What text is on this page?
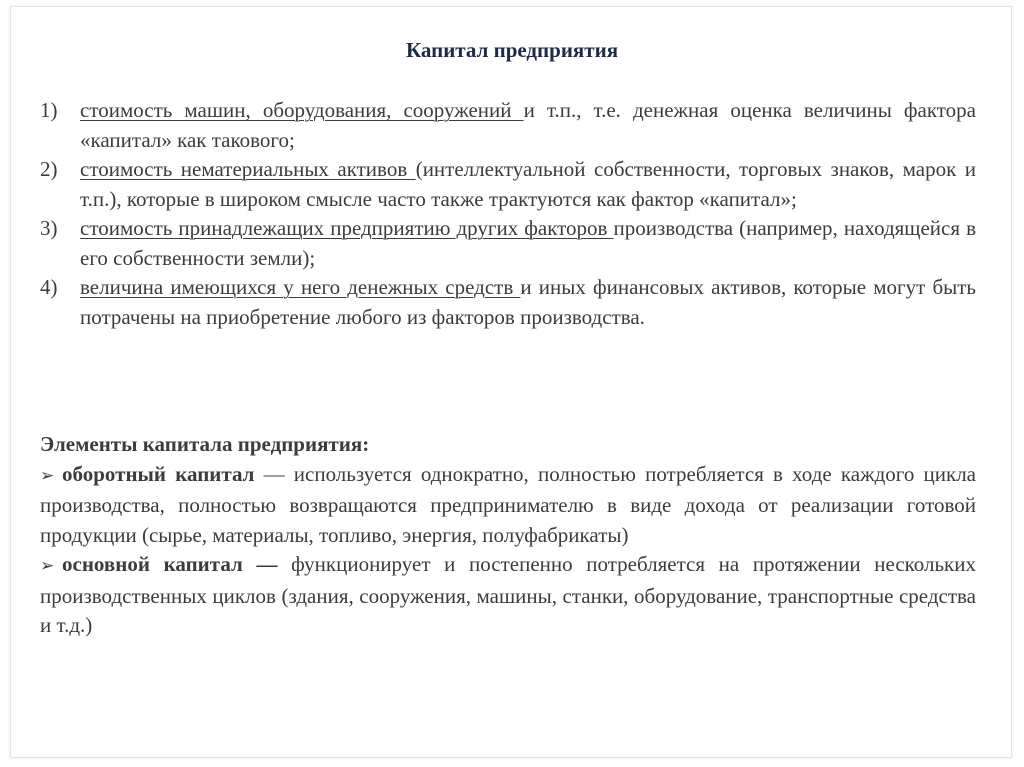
Капитал предприятия
1) стоимость машин, оборудования, сооружений и т.п., т.е. денежная оценка величины фактора «капитал» как такового;
2) стоимость нематериальных активов (интеллектуальной собственности, торговых знаков, марок и т.п.), которые в широком смысле часто также трактуются как фактор «капитал»;
3) стоимость принадлежащих предприятию других факторов производства (например, находящейся в его собственности земли);
4) величина имеющихся у него денежных средств и иных финансовых активов, которые могут быть потрачены на приобретение любого из факторов производства.
Элементы капитала предприятия:
➢ оборотный капитал — используется однократно, полностью потребляется в ходе каждого цикла производства, полностью возвращаются предпринимателю в виде дохода от реализации готовой продукции (сырье, материалы, топливо, энергия, полуфабрикаты)
➢ основной капитал — функционирует и постепенно потребляется на протяжении нескольких производственных циклов (здания, сооружения, машины, станки, оборудование, транспортные средства и т.д.)
